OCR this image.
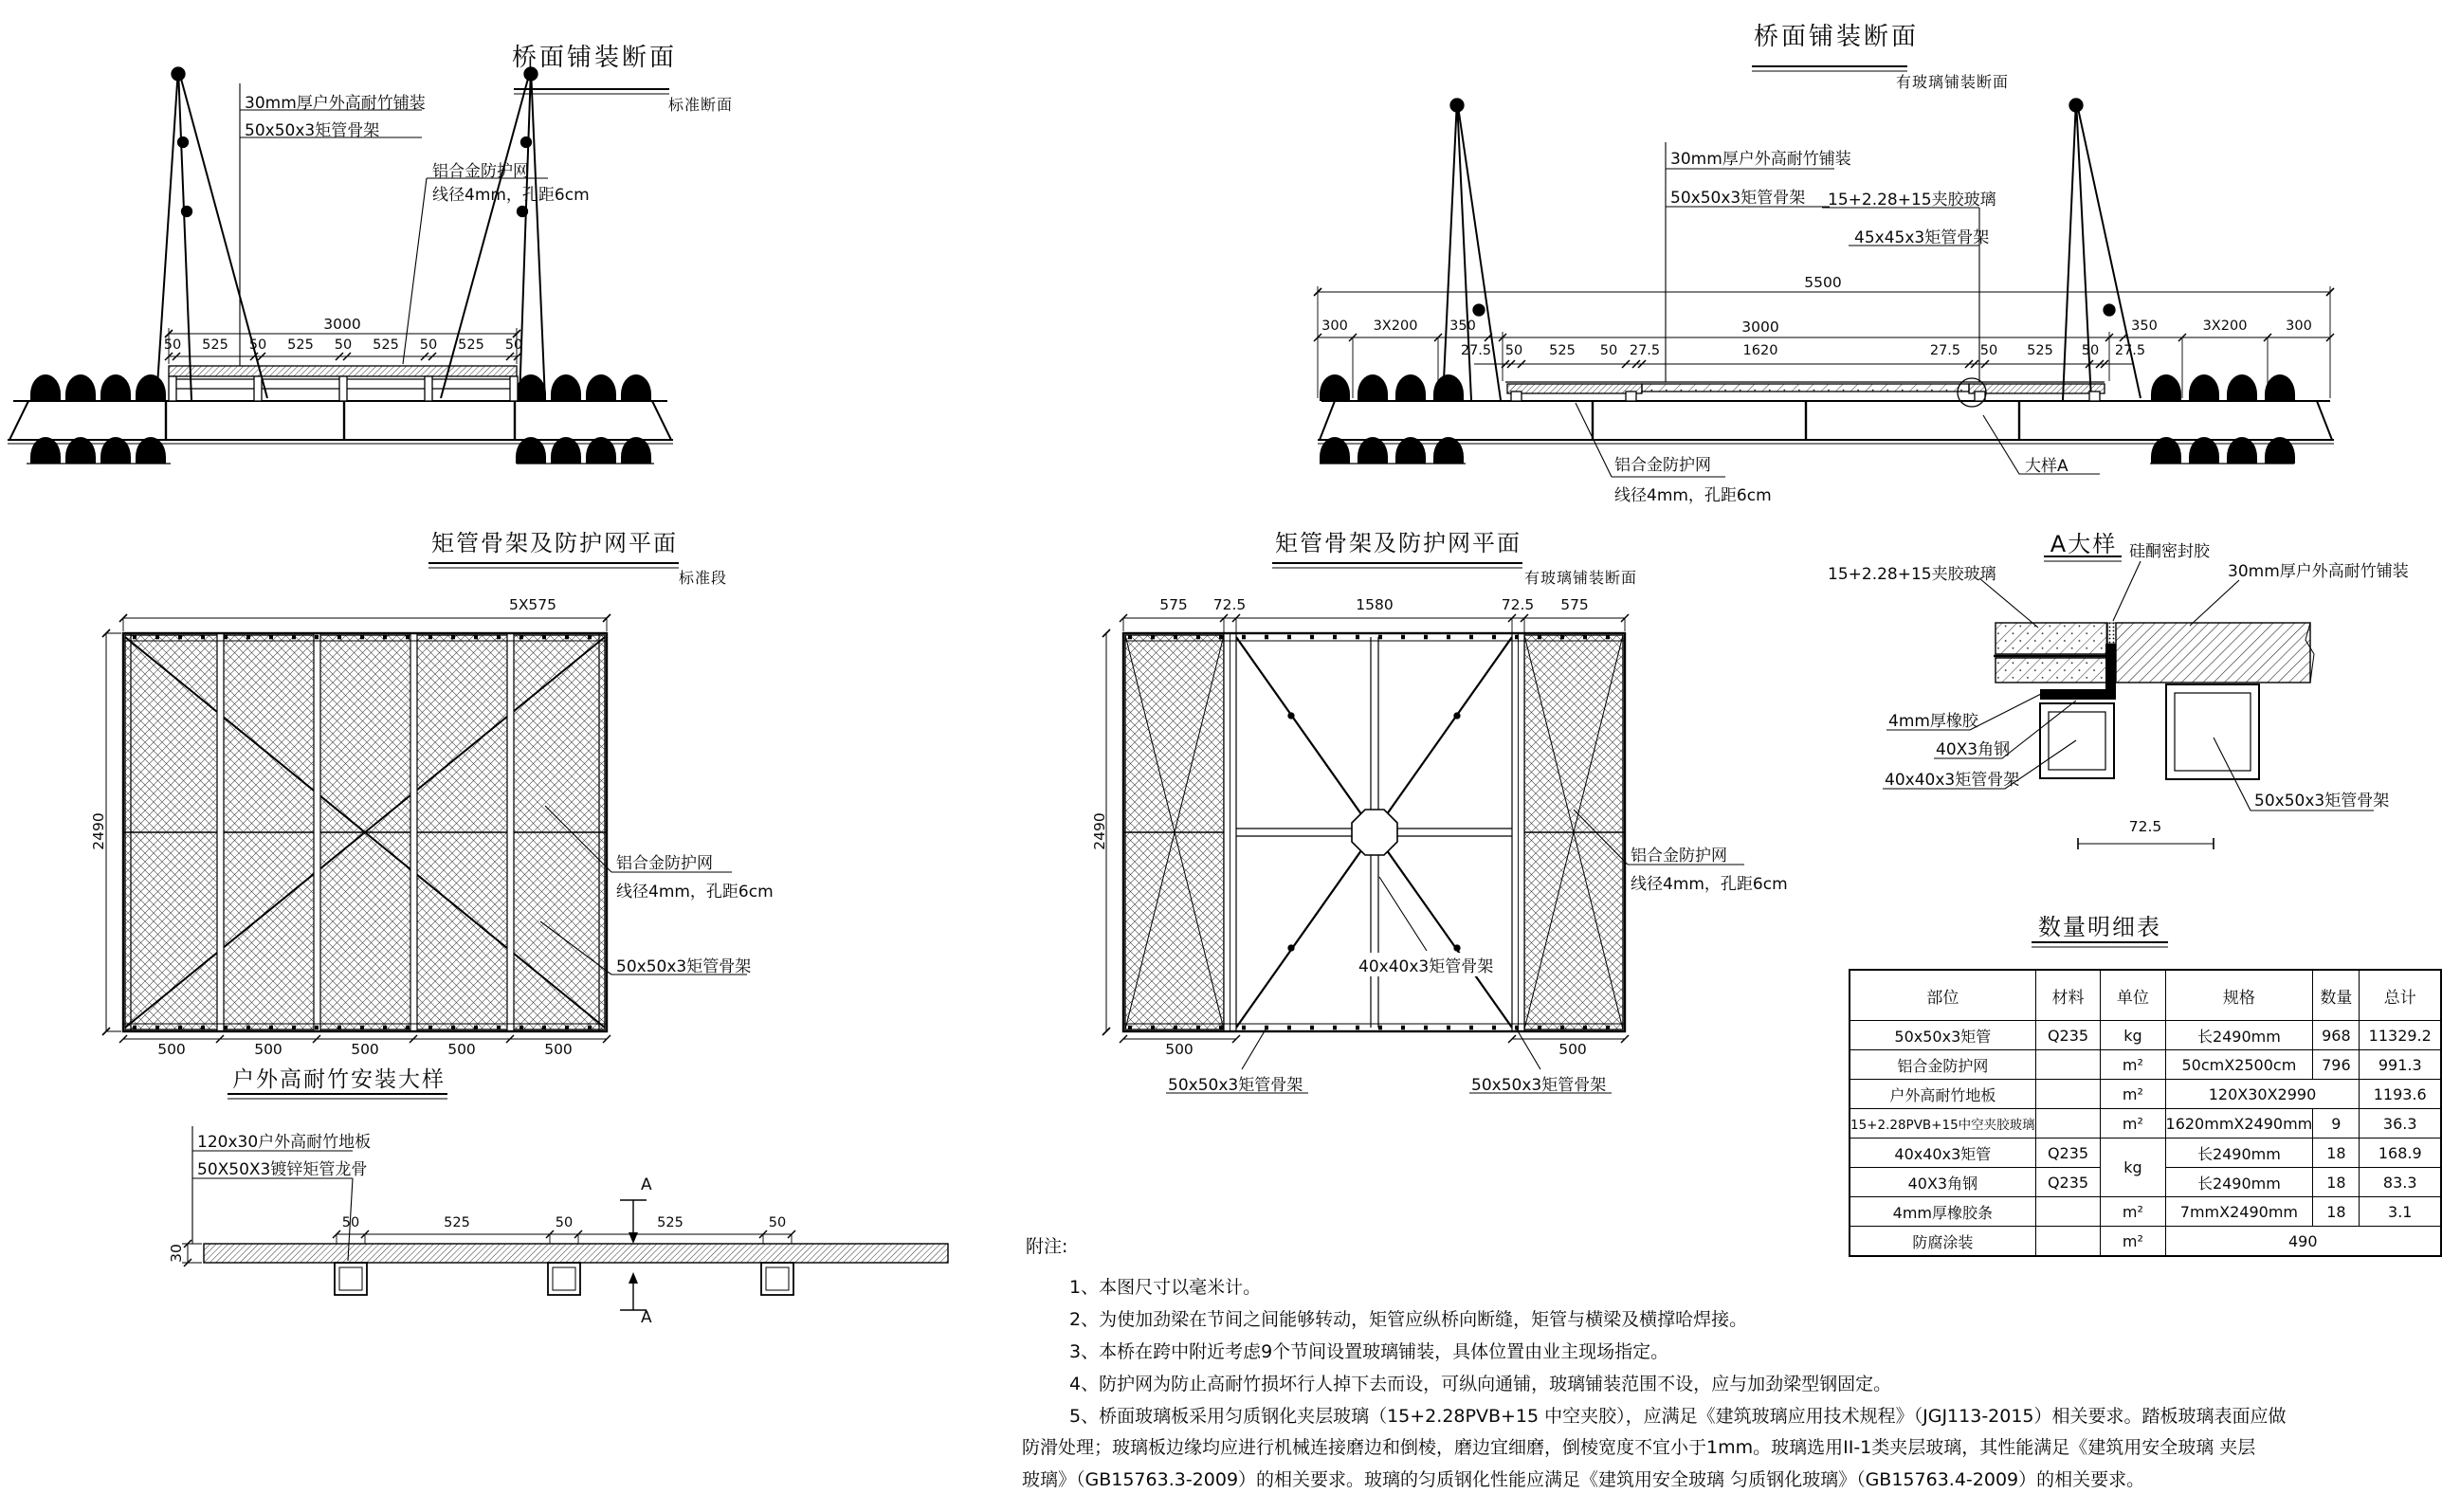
桥面铺装断面
标准断面
30mm厚户外高耐竹铺装
50x50x3矩管骨架
铝合金防护网
线径4mm，孔距6cm
3000
50	525	50	525	50	525	50	525	50
桥面铺装断面
有玻璃铺装断面
30mm厚户外高耐竹铺装
50x50x3矩管骨架 15+2.28+15夹胶玻璃
45x45x3矩管骨架
铝合金防护网
线径4mm，孔距6cm
大样A
5500
3000
300	3X200	350	350	3X200	300
27.5	50	525	50 27.5	1620	27.5	50	525	50	27.5
矩管骨架及防护网平面
标准段
5X575
2490
500	500	500	500	500
铝合金防护网
线径4mm，孔距6cm
50x50x3矩管骨架
矩管骨架及防护网平面
有玻璃铺装断面
575	72.5	1580	72.5	575
2490
500	500
铝合金防护网
线径4mm，孔距6cm
40x40x3矩管骨架
50x50x3矩管骨架	50x50x3矩管骨架
A大样
15+2.28+15夹胶玻璃
硅酮密封胶
30mm厚户外高耐竹铺装
4mm厚橡胶
40X3角钢
40x40x3矩管骨架
50x50x3矩管骨架
72.5
户外高耐竹安装大样
120x30户外高耐竹地板
50X50X3镀锌矩管龙骨
50	525	50	525	50
30
A
A
数量明细表
部位	材料	单位	规格	数量	总计
50x50x3矩管	Q235	kg	长2490mm	968	11329.2
铝合金防护网		m²	50cmX2500cm	796	991.3
户外高耐竹地板		m²	120X30X2990		1193.6
15+2.28PVB+15中空夹胶玻璃		m²	1620mmX2490mm	9	36.3
40x40x3矩管	Q235	kg	长2490mm	18	168.9
40X3角钢	Q235		长2490mm	18	83.3
4mm厚橡胶条		m²	7mmX2490mm	18	3.1
防腐涂装		m²	490		
附注:
1、本图尺寸以毫米计。
2、为使加劲梁在节间之间能够转动，矩管应纵桥向断缝，矩管与横梁及横撑哈焊接。
3、本桥在跨中附近考虑9个节间设置玻璃铺装，具体位置由业主现场指定。
4、防护网为防止高耐竹损坏行人掉下去而设，可纵向通铺，玻璃铺装范围不设，应与加劲梁型钢固定。
5、桥面玻璃板采用匀质钢化夹层玻璃（15+2.28PVB+15 中空夹胶），应满足《建筑玻璃应用技术规程》（JGJ113-2015）相关要求。踏板玻璃表面应做
防滑处理；玻璃板边缘均应进行机械连接磨边和倒棱，磨边宜细磨，倒棱宽度不宜小于1mm。玻璃选用II-1类夹层玻璃，其性能满足《建筑用安全玻璃 夹层
玻璃》（GB15763.3-2009）的相关要求。玻璃的匀质钢化性能应满足《建筑用安全玻璃 匀质钢化玻璃》（GB15763.4-2009）的相关要求。
